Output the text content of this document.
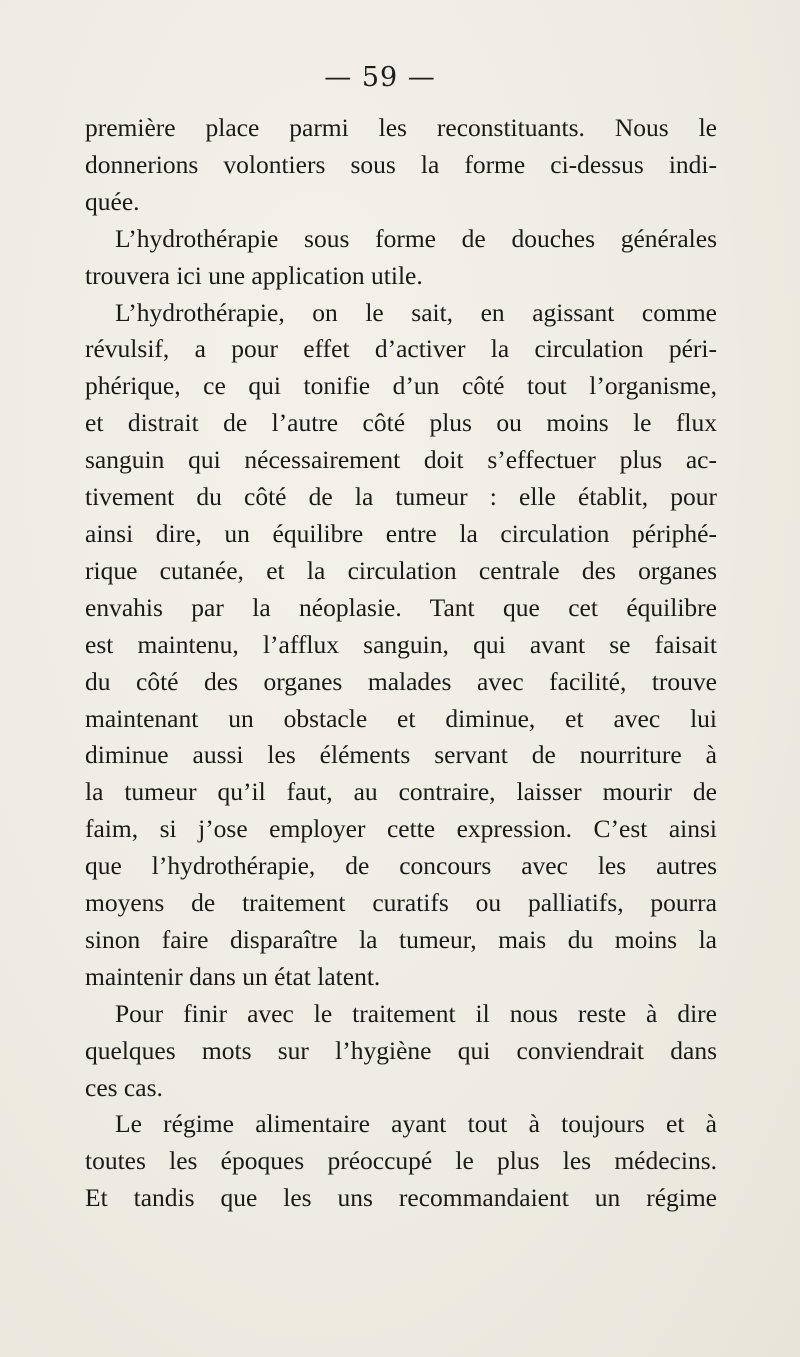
— 59 —
première place parmi les reconstituants. Nous le
donnerions volontiers sous la forme ci-dessus indi-
quée.
L’hydrothérapie sous forme de douches générales
trouvera ici une application utile.
L’hydrothérapie, on le sait, en agissant comme
révulsif, a pour effet d’activer la circulation péri-
phérique, ce qui tonifie d’un côté tout l’organisme,
et distrait de l’autre côté plus ou moins le flux
sanguin qui nécessairement doit s’effectuer plus ac-
tivement du côté de la tumeur : elle établit, pour
ainsi dire, un équilibre entre la circulation périphé-
rique cutanée, et la circulation centrale des organes
envahis par la néoplasie. Tant que cet équilibre
est maintenu, l’afflux sanguin, qui avant se faisait
du côté des organes malades avec facilité, trouve
maintenant un obstacle et diminue, et avec lui
diminue aussi les éléments servant de nourriture à
la tumeur qu’il faut, au contraire, laisser mourir de
faim, si j’ose employer cette expression. C’est ainsi
que l’hydrothérapie, de concours avec les autres
moyens de traitement curatifs ou palliatifs, pourra
sinon faire disparaître la tumeur, mais du moins la
maintenir dans un état latent.
Pour finir avec le traitement il nous reste à dire
quelques mots sur l’hygiène qui conviendrait dans
ces cas.
Le régime alimentaire ayant tout à toujours et à
toutes les époques préoccupé le plus les médecins.
Et tandis que les uns recommandaient un régime
